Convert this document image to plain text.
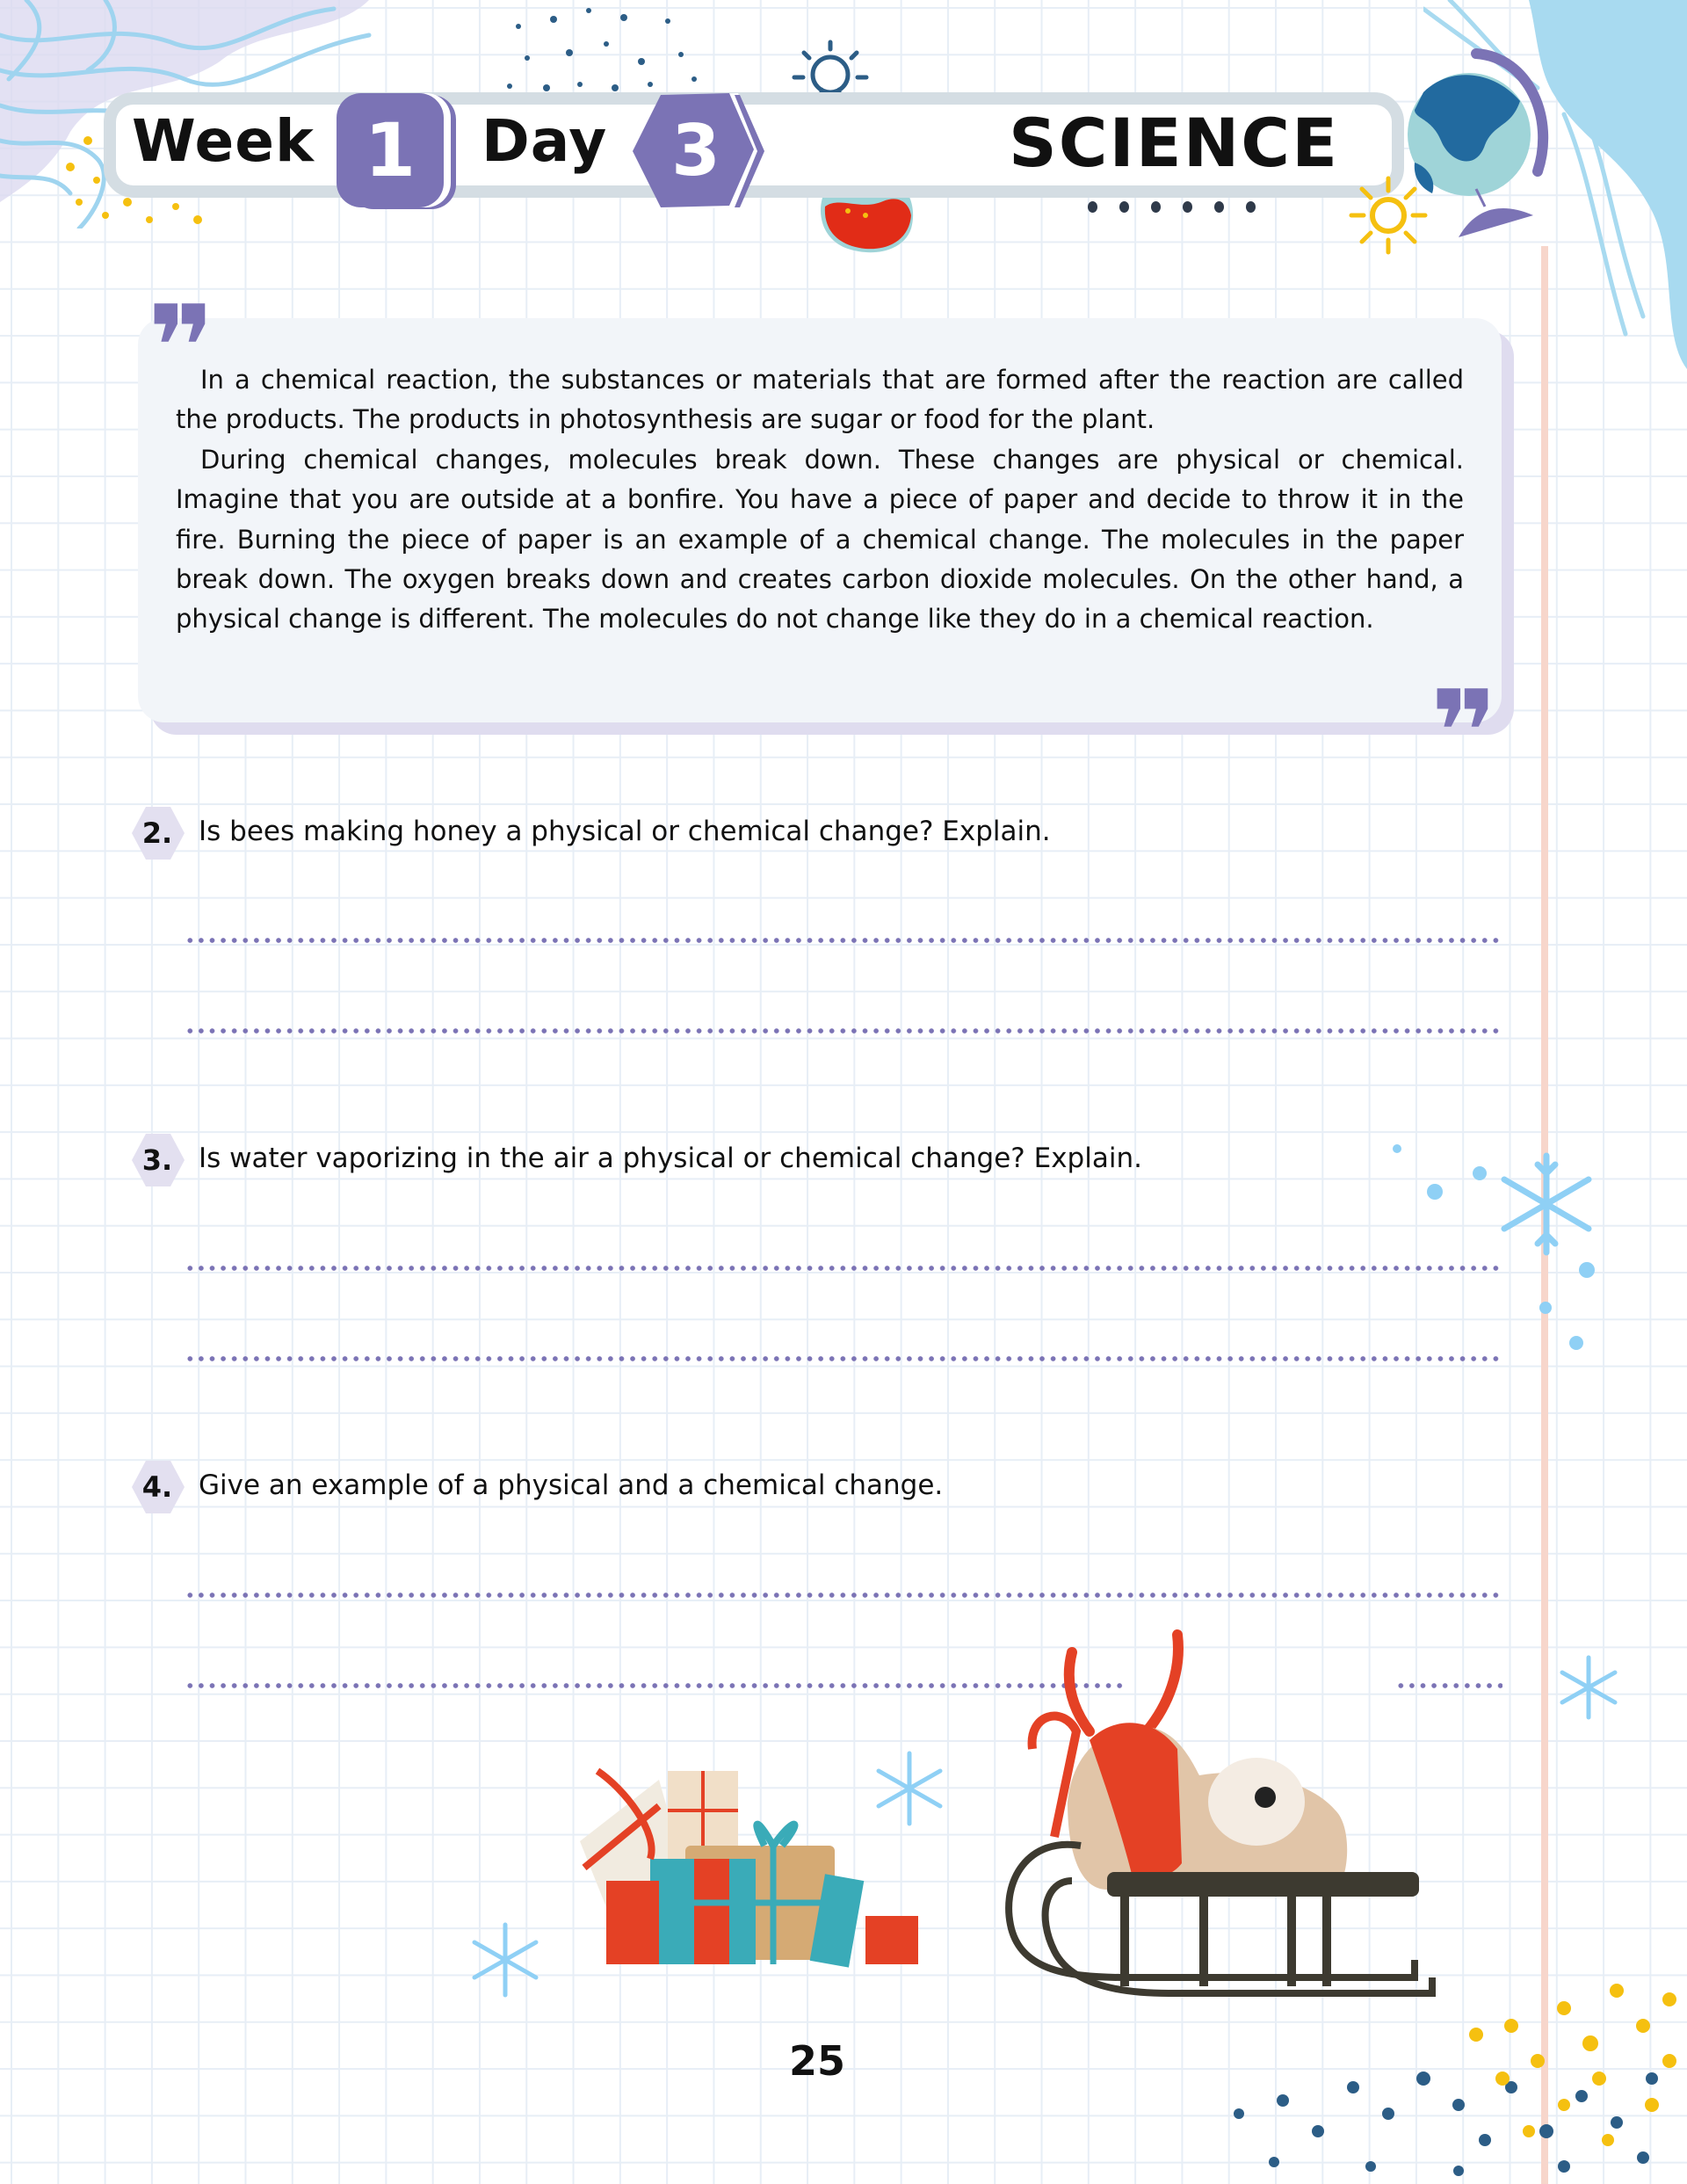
Week 1	Day 3	SCIENCE
❞

In a chemical reaction, the substances or materials that are formed after the reaction are called the products. The products in photosynthesis are sugar or food for the plant.

During chemical changes, molecules break down. These changes are physical or chemical. Imagine that you are outside at a bonfire. You have a piece of paper and decide to throw it in the fire. Burning the piece of paper is an example of a chemical change. The molecules in the paper break down. The oxygen breaks down and creates carbon dioxide molecules. On the other hand, a physical change is different. The molecules do not change like they do in a chemical reaction.

❞
2. Is bees making honey a physical or chemical change? Explain.
3. Is water vaporizing in the air a physical or chemical change? Explain.
4. Give an example of a physical and a chemical change.
25
